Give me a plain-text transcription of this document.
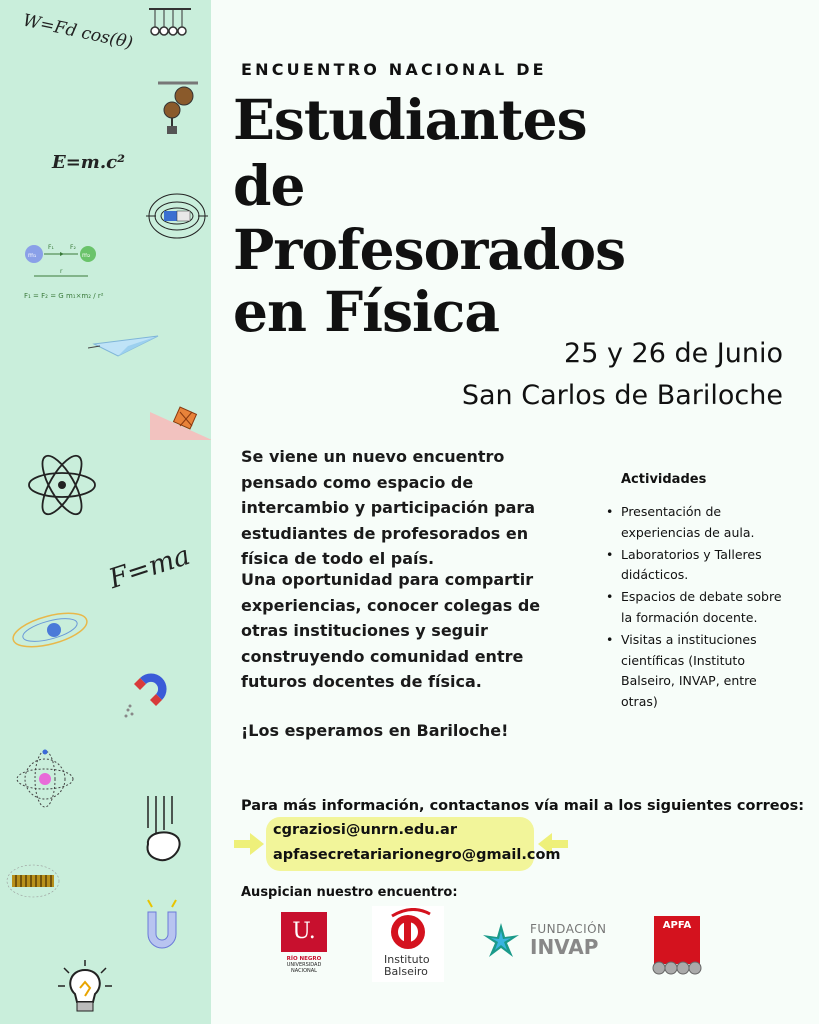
W=Fd cos(θ)
E=m.c²
m₁	m₂
F₁	F₂
r
F₁ = F₂ = G m₁×m₂ / r²
F=ma
ENCUENTRO NACIONAL DE
Estudiantes
de
Profesorados
en Física
25 y 26 de Junio
San Carlos de Bariloche
Se viene un nuevo encuentro pensado como espacio de intercambio y participación para estudiantes de profesorados en física de todo el país.
Una oportunidad para compartir experiencias, conocer colegas de otras instituciones y seguir construyendo comunidad entre futuros docentes de física.
¡Los esperamos en Bariloche!
Actividades
• Presentación de experiencias de aula.
• Laboratorios y Talleres didácticos.
• Espacios de debate sobre la formación docente.
• Visitas a instituciones científicas (Instituto Balseiro, INVAP, entre otras)
Para más información, contactanos vía mail a los siguientes correos:
cgraziosi@unrn.edu.ar
apfasecretariarionegro@gmail.com
Auspician nuestro encuentro:
U.
RÍO NEGRO
UNIVERSIDAD
NACIONAL
Instituto
Balseiro
FUNDACIÓN
INVAP
APFA
